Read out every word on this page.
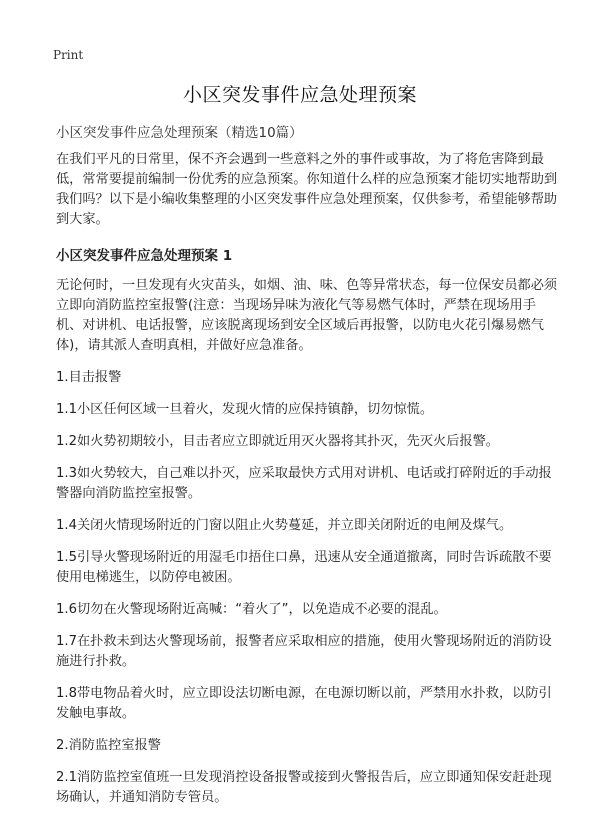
Print
小区突发事件应急处理预案
小区突发事件应急处理预案（精选10篇）

在我们平凡的日常里，保不齐会遇到一些意料之外的事件或事故，为了将危害降到最低，常常要提前编制一份优秀的应急预案。你知道什么样的应急预案才能切实地帮助到我们吗？以下是小编收集整理的小区突发事件应急处理预案，仅供参考，希望能够帮助到大家。

小区突发事件应急处理预案 1

无论何时，一旦发现有火灾苗头，如烟、油、味、色等异常状态，每一位保安员都必须立即向消防监控室报警(注意：当现场异味为液化气等易燃气体时，严禁在现场用手机、对讲机、电话报警，应该脱离现场到安全区域后再报警，以防电火花引爆易燃气体)，请其派人查明真相，并做好应急准备。

1.目击报警

1.1小区任何区域一旦着火，发现火情的应保持镇静，切勿惊慌。

1.2如火势初期较小，目击者应立即就近用灭火器将其扑灭，先灭火后报警。

1.3如火势较大，自己难以扑灭，应采取最快方式用对讲机、电话或打碎附近的手动报警器向消防监控室报警。

1.4关闭火情现场附近的门窗以阻止火势蔓延，并立即关闭附近的电闸及煤气。

1.5引导火警现场附近的用湿毛巾捂住口鼻，迅速从安全通道撤离，同时告诉疏散不要使用电梯逃生，以防停电被困。

1.6切勿在火警现场附近高喊：“着火了”，以免造成不必要的混乱。

1.7在扑救未到达火警现场前，报警者应采取相应的措施，使用火警现场附近的消防设施进行扑救。

1.8带电物品着火时，应立即设法切断电源，在电源切断以前，严禁用水扑救，以防引发触电事故。

2.消防监控室报警

2.1消防监控室值班一旦发现消控设备报警或接到火警报告后，应立即通知保安赶赴现场确认，并通知消防专管员。
